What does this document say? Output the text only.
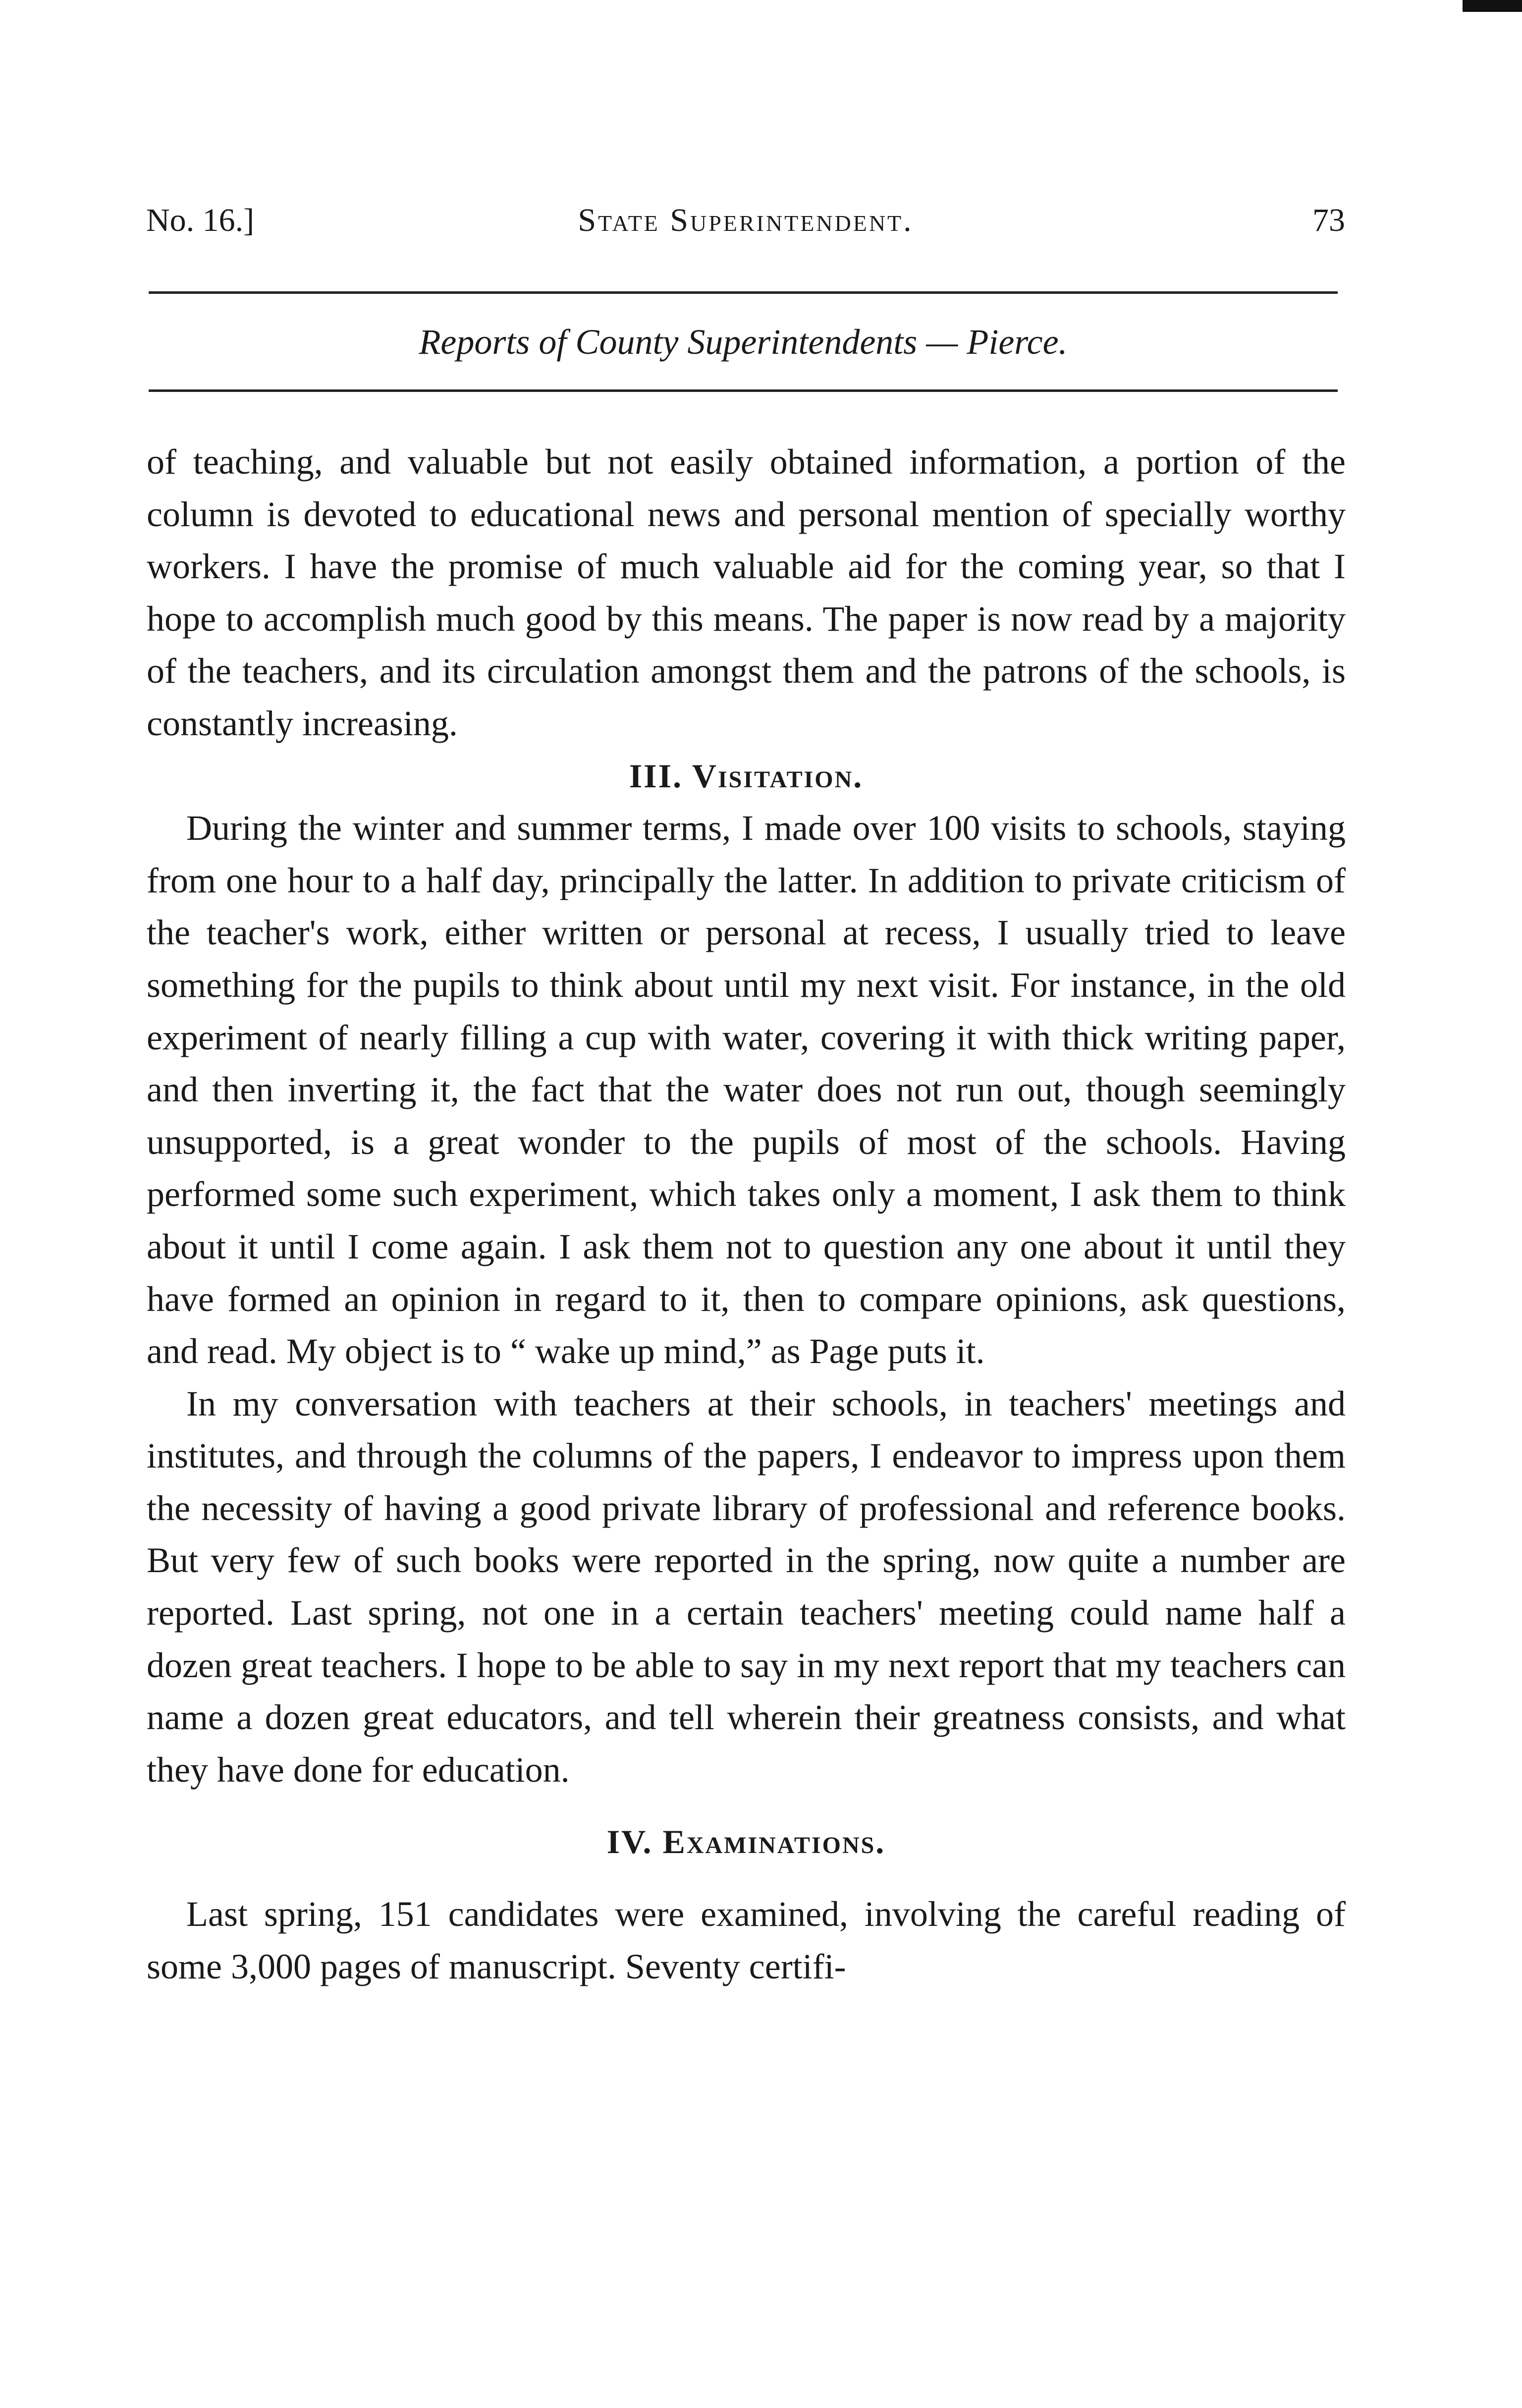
No. 16.]	State Superintendent.	73
Reports of County Superintendents — Pierce.

of teaching, and valuable but not easily obtained information, a portion of the column is devoted to educational news and personal mention of specially worthy workers. I have the promise of much valuable aid for the coming year, so that I hope to accomplish much good by this means. The paper is now read by a majority of the teachers, and its circulation amongst them and the patrons of the schools, is constantly increasing.

III. Visitation.

During the winter and summer terms, I made over 100 visits to schools, staying from one hour to a half day, principally the latter. In addition to private criticism of the teacher's work, either written or personal at recess, I usually tried to leave something for the pupils to think about until my next visit. For instance, in the old experiment of nearly filling a cup with water, covering it with thick writing paper, and then inverting it, the fact that the water does not run out, though seemingly unsupported, is a great wonder to the pupils of most of the schools. Having performed some such experiment, which takes only a moment, I ask them to think about it until I come again. I ask them not to question any one about it until they have formed an opinion in regard to it, then to compare opinions, ask questions, and read. My object is to “ wake up mind,” as Page puts it.

In my conversation with teachers at their schools, in teachers' meetings and institutes, and through the columns of the papers, I endeavor to impress upon them the necessity of having a good private library of professional and reference books. But very few of such books were reported in the spring, now quite a number are reported. Last spring, not one in a certain teachers' meeting could name half a dozen great teachers. I hope to be able to say in my next report that my teachers can name a dozen great educators, and tell wherein their greatness consists, and what they have done for education.

IV. Examinations.

Last spring, 151 candidates were examined, involving the careful reading of some 3,000 pages of manuscript. Seventy certifi-
